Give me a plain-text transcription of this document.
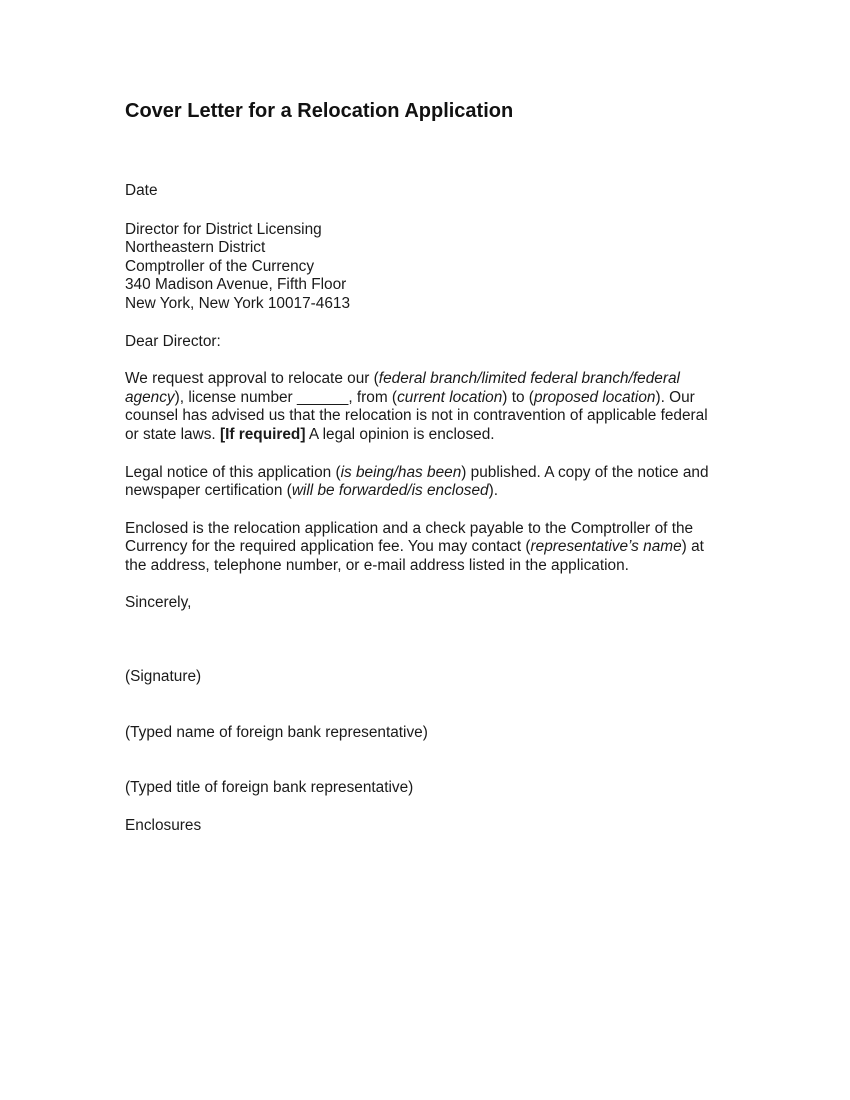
Cover Letter for a Relocation Application
Date
Director for District Licensing
Northeastern District
Comptroller of the Currency
340 Madison Avenue, Fifth Floor
New York, New York 10017-4613
Dear Director:
We request approval to relocate our (federal branch/limited federal branch/federal agency), license number ______, from (current location) to (proposed location). Our counsel has advised us that the relocation is not in contravention of applicable federal or state laws. [If required] A legal opinion is enclosed.
Legal notice of this application (is being/has been) published. A copy of the notice and newspaper certification (will be forwarded/is enclosed).
Enclosed is the relocation application and a check payable to the Comptroller of the Currency for the required application fee. You may contact (representative’s name) at the address, telephone number, or e-mail address listed in the application.
Sincerely,
(Signature)
(Typed name of foreign bank representative)
(Typed title of foreign bank representative)
Enclosures
